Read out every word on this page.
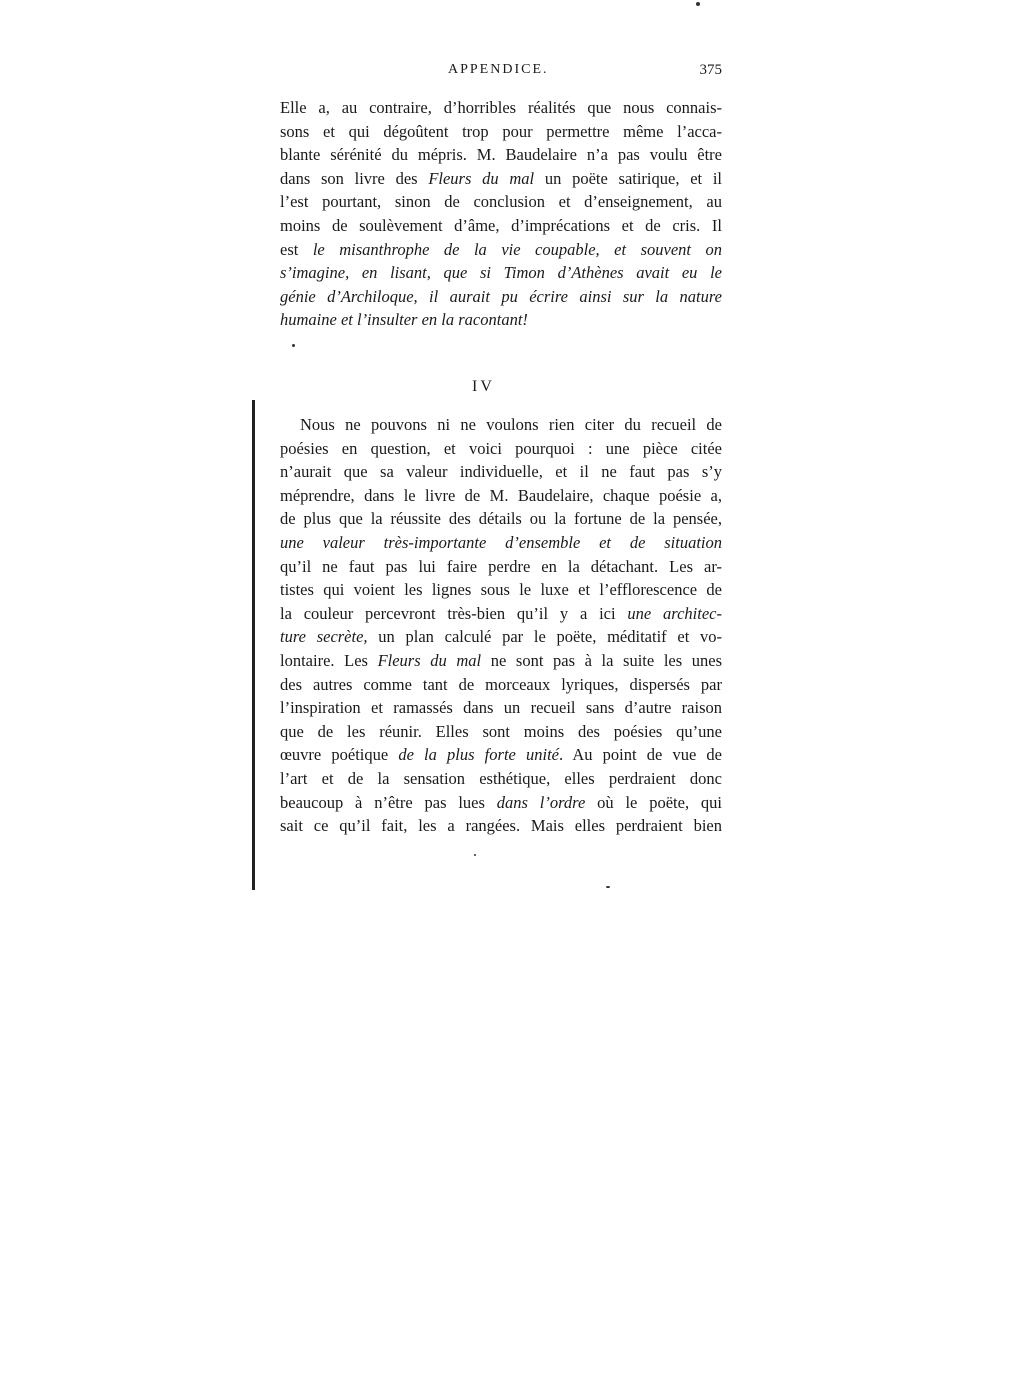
APPENDICE.	375
Elle a, au contraire, d’horribles réalités que nous connais-
sons et qui dégoûtent trop pour permettre même l’acca-
blante sérénité du mépris. M. Baudelaire n’a pas voulu être
dans son livre des Fleurs du mal un poëte satirique, et il
l’est pourtant, sinon de conclusion et d’enseignement, au
moins de soulèvement d’âme, d’imprécations et de cris. Il
est le misanthrophe de la vie coupable, et souvent on
s’imagine, en lisant, que si Timon d’Athènes avait eu le
génie d’Archiloque, il aurait pu écrire ainsi sur la nature
humaine et l’insulter en la racontant!
IV
Nous ne pouvons ni ne voulons rien citer du recueil de
poésies en question, et voici pourquoi : une pièce citée
n’aurait que sa valeur individuelle, et il ne faut pas s’y
méprendre, dans le livre de M. Baudelaire, chaque poésie a,
de plus que la réussite des détails ou la fortune de la pensée,
une valeur très-importante d’ensemble et de situation
qu’il ne faut pas lui faire perdre en la détachant. Les ar-
tistes qui voient les lignes sous le luxe et l’efflorescence de
la couleur percevront très-bien qu’il y a ici une architec-
ture secrète, un plan calculé par le poëte, méditatif et vo-
lontaire. Les Fleurs du mal ne sont pas à la suite les unes
des autres comme tant de morceaux lyriques, dispersés par
l’inspiration et ramassés dans un recueil sans d’autre raison
que de les réunir. Elles sont moins des poésies qu’une
œuvre poétique de la plus forte unité. Au point de vue de
l’art et de la sensation esthétique, elles perdraient donc
beaucoup à n’être pas lues dans l’ordre où le poëte, qui
sait ce qu’il fait, les a rangées. Mais elles perdraient bien
